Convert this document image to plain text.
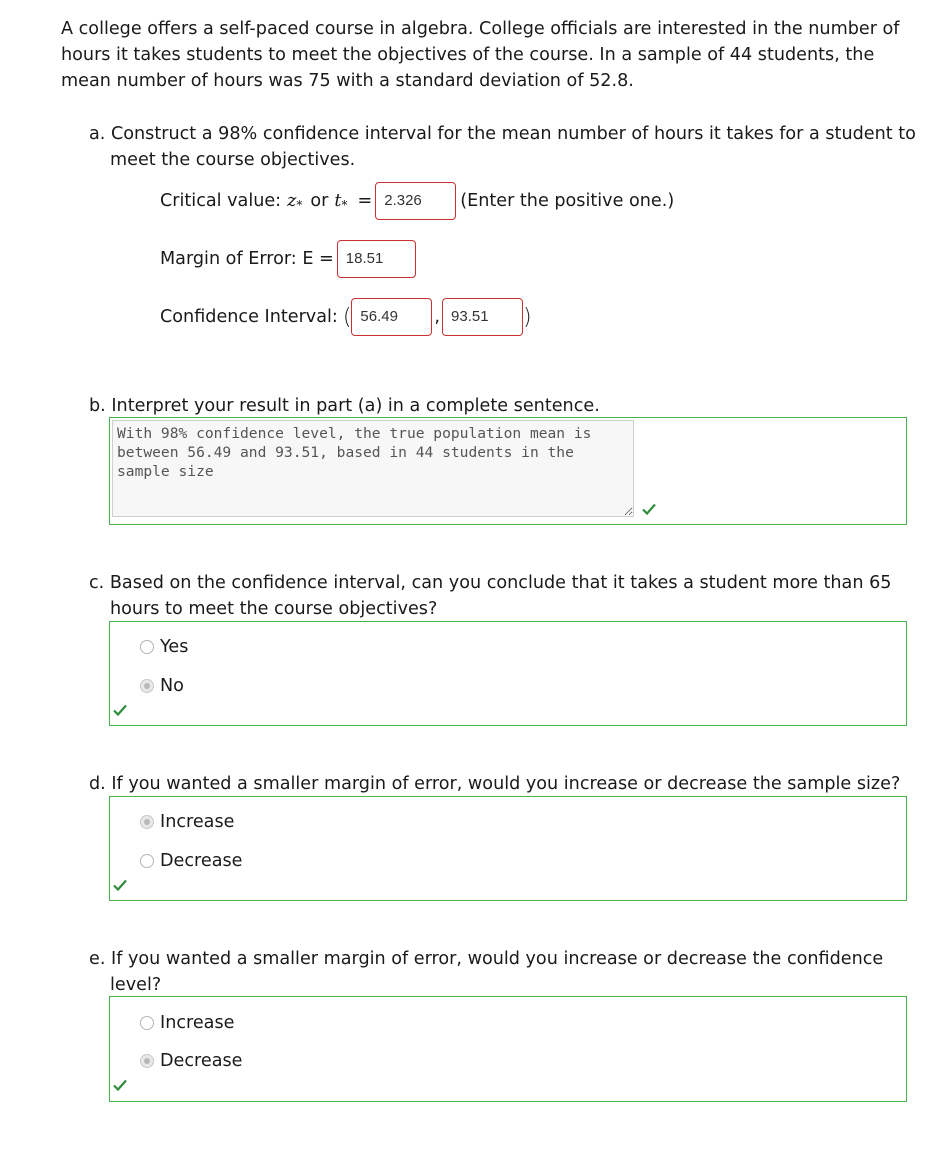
A college offers a self-paced course in algebra. College officials are interested in the number of hours it takes students to meet the objectives of the course. In a sample of 44 students, the mean number of hours was 75 with a standard deviation of 52.8.

a. Construct a 98% confidence interval for the mean number of hours it takes for a student to meet the course objectives.

Critical value: $z_*$ or $t_* = 2.326$	(Enter the positive one.)
Margin of Error: E = 18.51
Confidence Interval: ( 56.49	, 93.51	)

b. Interpret your result in part (a) in a complete sentence.

With 98% confidence level, the true population mean is between 56.49 and 93.51, based in 44 students in the sample size

c. Based on the confidence interval, can you conclude that it takes a student more than 65 hours to meet the course objectives?

Yes
No

d. If you wanted a smaller margin of error, would you increase or decrease the sample size?

Increase
Decrease

e. If you wanted a smaller margin of error, would you increase or decrease the confidence level?

Increase
Decrease
